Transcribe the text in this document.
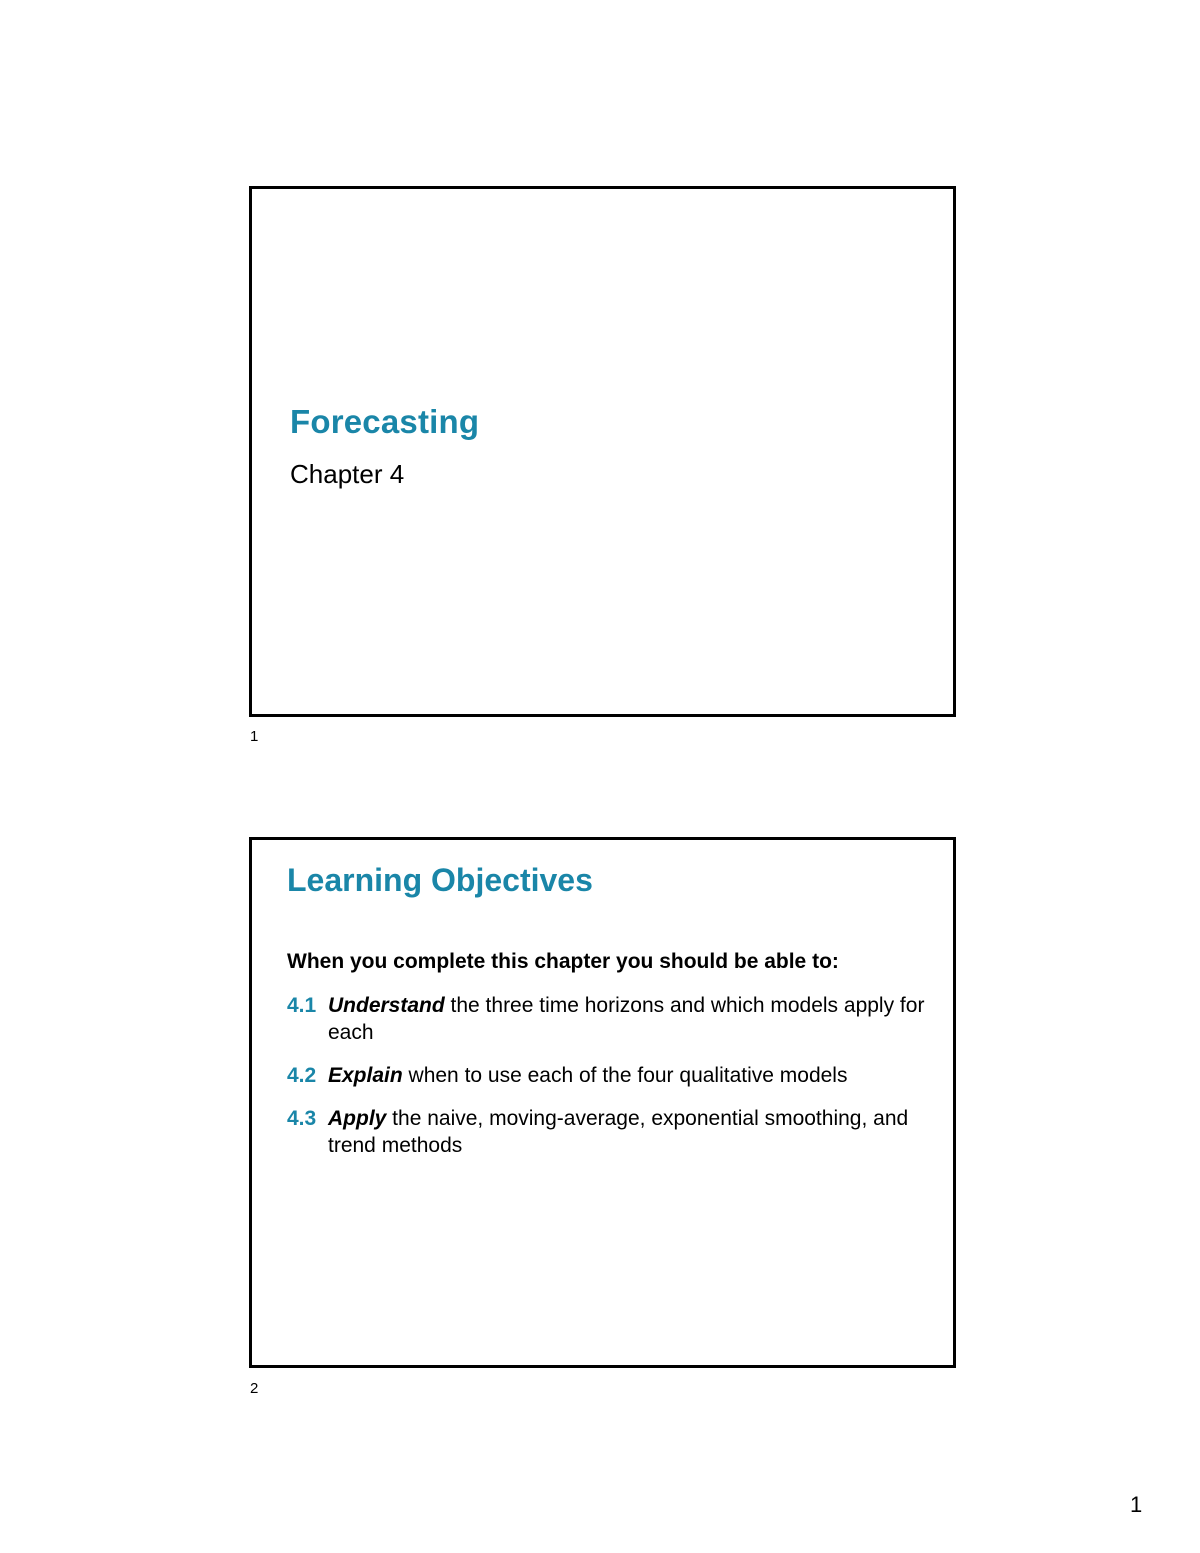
Forecasting

Chapter 4

1
Learning Objectives

When you complete this chapter you should be able to:

4.1 Understand the three time horizons and which models apply for each
4.2 Explain when to use each of the four qualitative models
4.3 Apply the naive, moving-average, exponential smoothing, and trend methods
2
1
